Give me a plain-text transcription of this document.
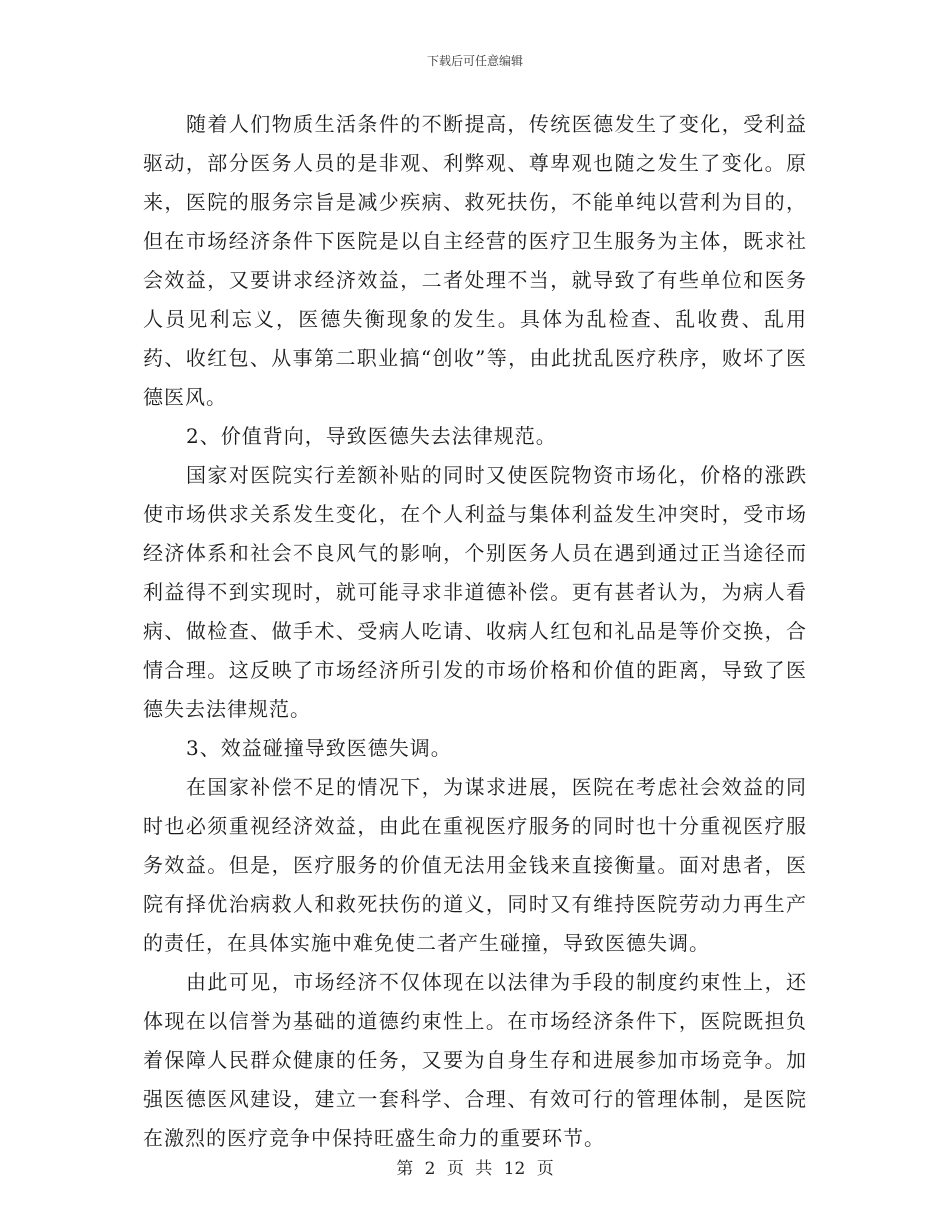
下载后可任意编辑

随着人们物质生活条件的不断提高，传统医德发生了变化，受利益驱动，部分医务人员的是非观、利弊观、尊卑观也随之发生了变化。原来，医院的服务宗旨是减少疾病、救死扶伤，不能单纯以营利为目的，但在市场经济条件下医院是以自主经营的医疗卫生服务为主体，既求社会效益，又要讲求经济效益，二者处理不当，就导致了有些单位和医务人员见利忘义，医德失衡现象的发生。具体为乱检查、乱收费、乱用药、收红包、从事第二职业搞“创收”等，由此扰乱医疗秩序，败坏了医德医风。

2、价值背向，导致医德失去法律规范。

国家对医院实行差额补贴的同时又使医院物资市场化，价格的涨跌使市场供求关系发生变化，在个人利益与集体利益发生冲突时，受市场经济体系和社会不良风气的影响，个别医务人员在遇到通过正当途径而利益得不到实现时，就可能寻求非道德补偿。更有甚者认为，为病人看病、做检查、做手术、受病人吃请、收病人红包和礼品是等价交换，合情合理。这反映了市场经济所引发的市场价格和价值的距离，导致了医德失去法律规范。

3、效益碰撞导致医德失调。

在国家补偿不足的情况下，为谋求进展，医院在考虑社会效益的同时也必须重视经济效益，由此在重视医疗服务的同时也十分重视医疗服务效益。但是，医疗服务的价值无法用金钱来直接衡量。面对患者，医院有择优治病救人和救死扶伤的道义，同时又有维持医院劳动力再生产的责任，在具体实施中难免使二者产生碰撞，导致医德失调。

由此可见，市场经济不仅体现在以法律为手段的制度约束性上，还体现在以信誉为基础的道德约束性上。在市场经济条件下，医院既担负着保障人民群众健康的任务，又要为自身生存和进展参加市场竞争。加强医德医风建设，建立一套科学、合理、有效可行的管理体制，是医院在激烈的医疗竞争中保持旺盛生命力的重要环节。

第 2 页 共 12 页
